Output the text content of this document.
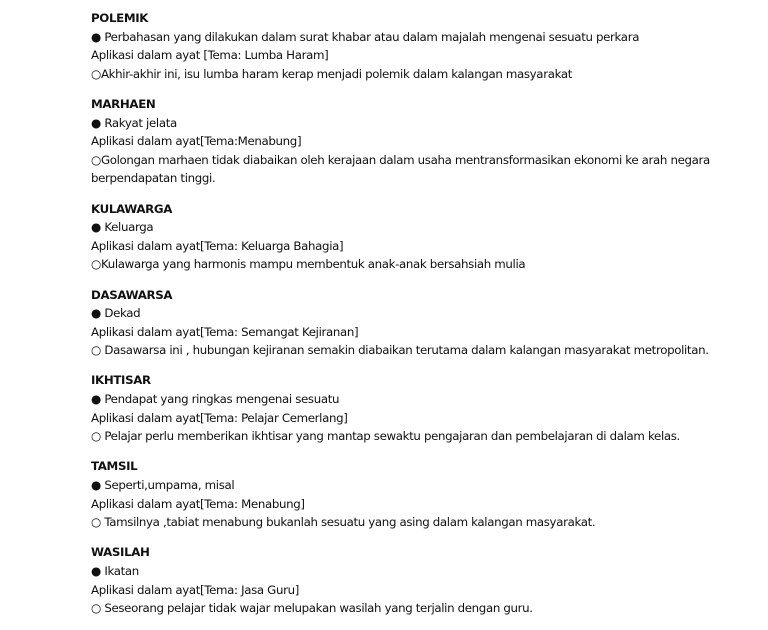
POLEMIK

● Perbahasan yang dilakukan dalam surat khabar atau dalam majalah mengenai sesuatu perkara

Aplikasi dalam ayat [Tema: Lumba Haram]

○Akhir-akhir ini, isu lumba haram kerap menjadi polemik dalam kalangan masyarakat

MARHAEN

● Rakyat jelata

Aplikasi dalam ayat[Tema:Menabung]

○Golongan marhaen tidak diabaikan oleh kerajaan dalam usaha mentransformasikan ekonomi ke arah negara berpendapatan tinggi.

KULAWARGA

● Keluarga

Aplikasi dalam ayat[Tema: Keluarga Bahagia]

○Kulawarga yang harmonis mampu membentuk anak-anak bersahsiah mulia

DASAWARSA

● Dekad

Aplikasi dalam ayat[Tema: Semangat Kejiranan]

○ Dasawarsa ini , hubungan kejiranan semakin diabaikan terutama dalam kalangan masyarakat metropolitan.

IKHTISAR

● Pendapat yang ringkas mengenai sesuatu

Aplikasi dalam ayat[Tema: Pelajar Cemerlang]

○ Pelajar perlu memberikan ikhtisar yang mantap sewaktu pengajaran dan pembelajaran di dalam kelas.

TAMSIL

● Seperti,umpama, misal

Aplikasi dalam ayat[Tema: Menabung]

○ Tamsilnya ,tabiat menabung bukanlah sesuatu yang asing dalam kalangan masyarakat.

WASILAH

● Ikatan

Aplikasi dalam ayat[Tema: Jasa Guru]

○ Seseorang pelajar tidak wajar melupakan wasilah yang terjalin dengan guru.
